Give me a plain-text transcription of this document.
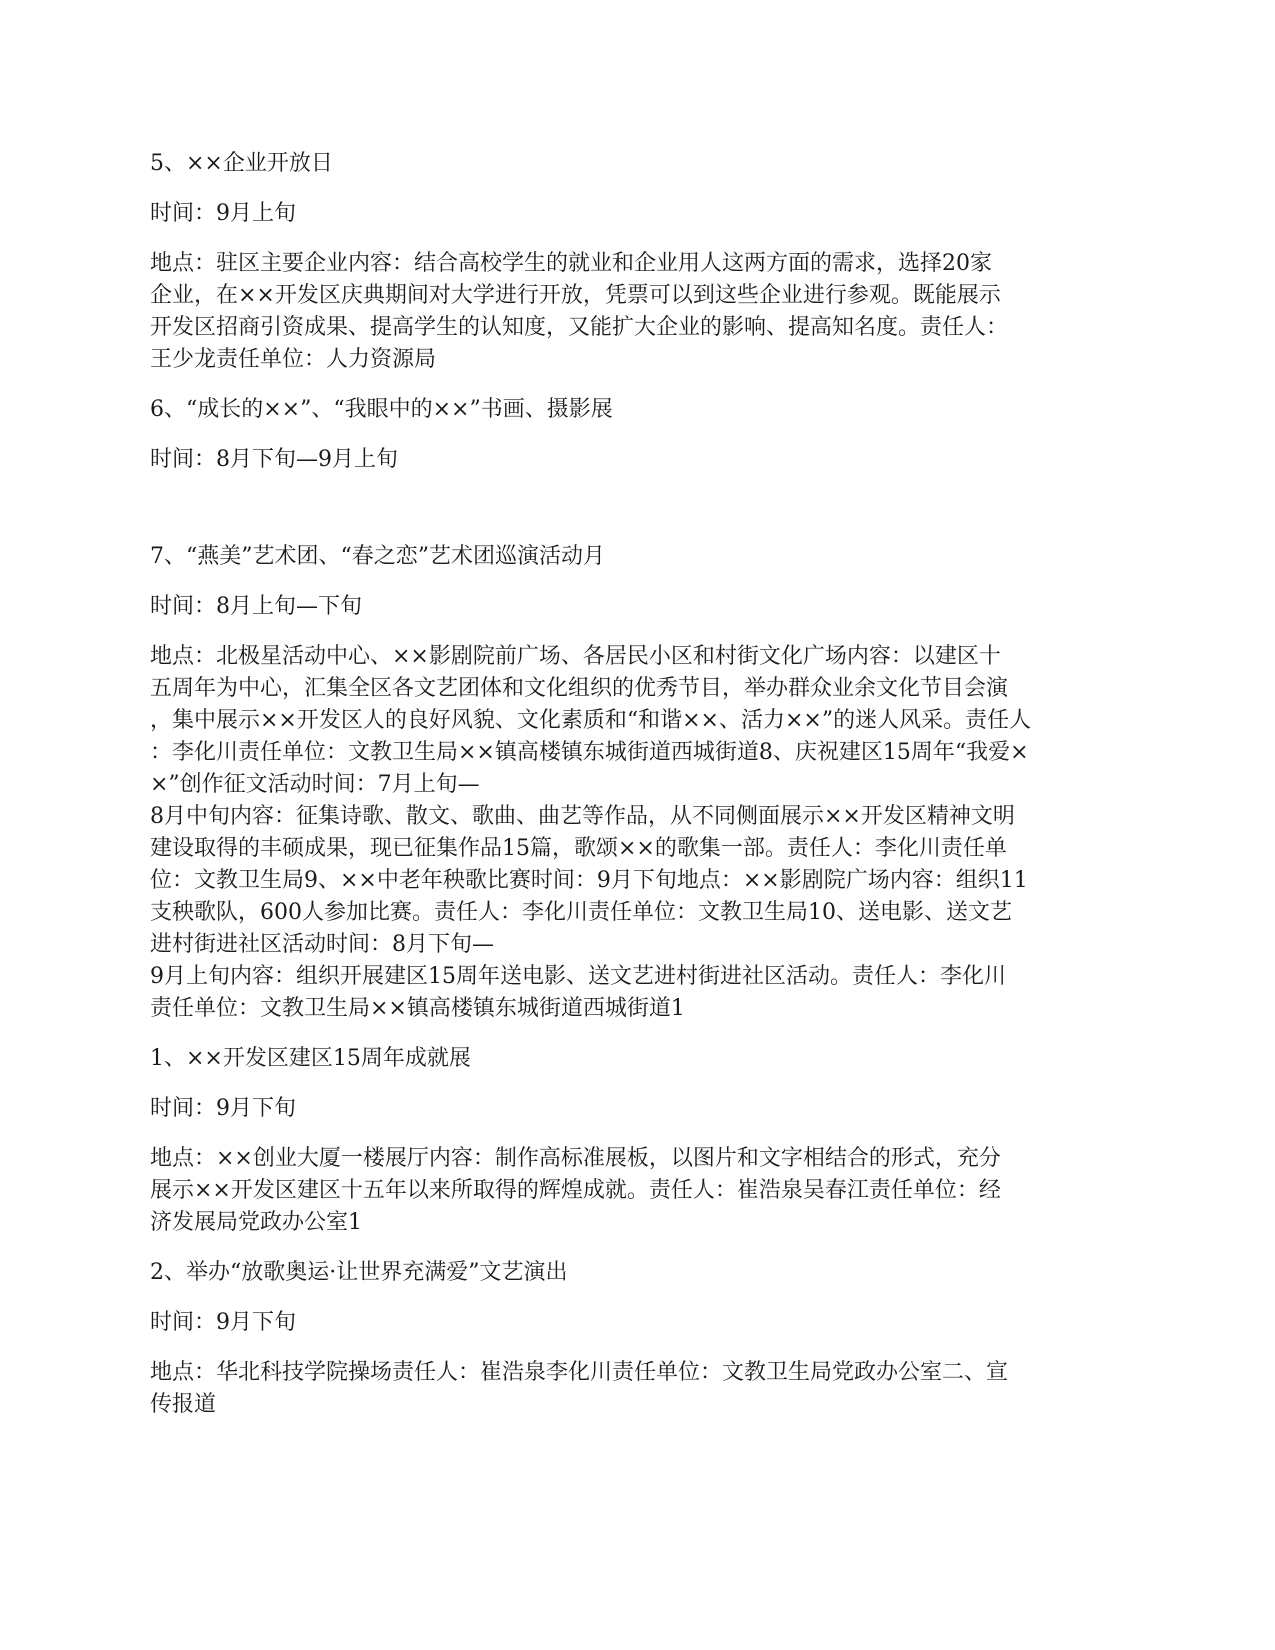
5、××企业开放日

时间：9月上旬

地点：驻区主要企业内容：结合高校学生的就业和企业用人这两方面的需求，选择20家
企业，在××开发区庆典期间对大学进行开放，凭票可以到这些企业进行参观。既能展示
开发区招商引资成果、提高学生的认知度，又能扩大企业的影响、提高知名度。责任人：
王少龙责任单位：人力资源局

6、“成长的××”、“我眼中的××”书画、摄影展

时间：8月下旬—9月上旬

7、“燕美”艺术团、“春之恋”艺术团巡演活动月

时间：8月上旬—下旬

地点：北极星活动中心、××影剧院前广场、各居民小区和村街文化广场内容：以建区十
五周年为中心，汇集全区各文艺团体和文化组织的优秀节目，举办群众业余文化节目会演
，集中展示××开发区人的良好风貌、文化素质和“和谐××、活力××”的迷人风采。责任人
：李化川责任单位：文教卫生局××镇高楼镇东城街道西城街道8、庆祝建区15周年“我爱×
×”创作征文活动时间：7月上旬—
8月中旬内容：征集诗歌、散文、歌曲、曲艺等作品，从不同侧面展示××开发区精神文明
建设取得的丰硕成果，现已征集作品15篇，歌颂××的歌集一部。责任人：李化川责任单
位：文教卫生局9、××中老年秧歌比赛时间：9月下旬地点：××影剧院广场内容：组织11
支秧歌队，600人参加比赛。责任人：李化川责任单位：文教卫生局10、送电影、送文艺
进村街进社区活动时间：8月下旬—
9月上旬内容：组织开展建区15周年送电影、送文艺进村街进社区活动。责任人：李化川
责任单位：文教卫生局××镇高楼镇东城街道西城街道1

1、××开发区建区15周年成就展

时间：9月下旬

地点：××创业大厦一楼展厅内容：制作高标准展板，以图片和文字相结合的形式，充分
展示××开发区建区十五年以来所取得的辉煌成就。责任人：崔浩泉吴春江责任单位：经
济发展局党政办公室1

2、举办“放歌奥运·让世界充满爱”文艺演出

时间：9月下旬

地点：华北科技学院操场责任人：崔浩泉李化川责任单位：文教卫生局党政办公室二、宣
传报道
